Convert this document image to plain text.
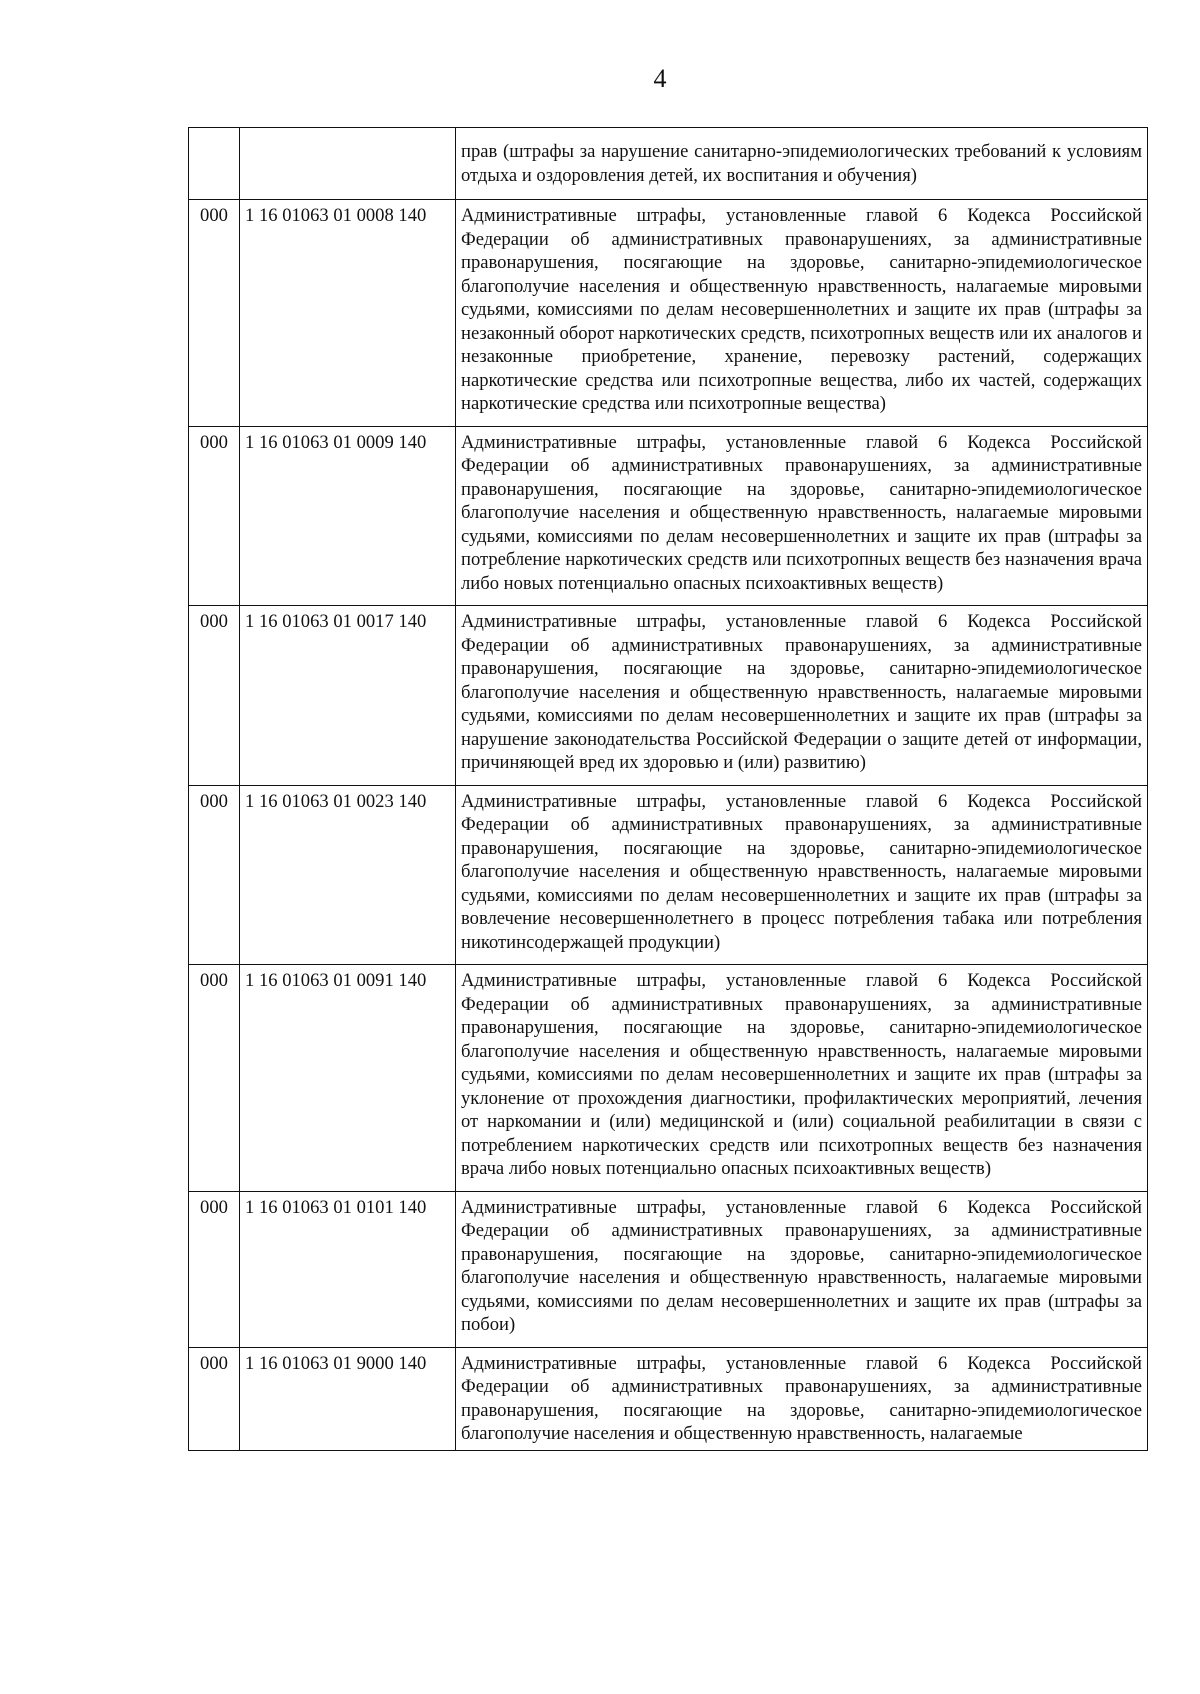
4
		прав (штрафы за нарушение санитарно-эпидемиологических требований к условиям отдыха и оздоровления детей, их воспитания и обучения)
000	1 16 01063 01 0008 140	Административные штрафы, установленные главой 6 Кодекса Российской Федерации об административных правонарушениях, за административные правонарушения, посягающие на здоровье, санитарно-эпидемиологическое благополучие населения и общественную нравственность, налагаемые мировыми судьями, комиссиями по делам несовершеннолетних и защите их прав (штрафы за незаконный оборот наркотических средств, психотропных веществ или их аналогов и незаконные приобретение, хранение, перевозку растений, содержащих наркотические средства или психотропные вещества, либо их частей, содержащих наркотические средства или психотропные вещества)
000	1 16 01063 01 0009 140	Административные штрафы, установленные главой 6 Кодекса Российской Федерации об административных правонарушениях, за административные правонарушения, посягающие на здоровье, санитарно-эпидемиологическое благополучие населения и общественную нравственность, налагаемые мировыми судьями, комиссиями по делам несовершеннолетних и защите их прав (штрафы за потребление наркотических средств или психотропных веществ без назначения врача либо новых потенциально опасных психоактивных веществ)
000	1 16 01063 01 0017 140	Административные штрафы, установленные главой 6 Кодекса Российской Федерации об административных правонарушениях, за административные правонарушения, посягающие на здоровье, санитарно-эпидемиологическое благополучие населения и общественную нравственность, налагаемые мировыми судьями, комиссиями по делам несовершеннолетних и защите их прав (штрафы за нарушение законодательства Российской Федерации о защите детей от информации, причиняющей вред их здоровью и (или) развитию)
000	1 16 01063 01 0023 140	Административные штрафы, установленные главой 6 Кодекса Российской Федерации об административных правонарушениях, за административные правонарушения, посягающие на здоровье, санитарно-эпидемиологическое благополучие населения и общественную нравственность, налагаемые мировыми судьями, комиссиями по делам несовершеннолетних и защите их прав (штрафы за вовлечение несовершеннолетнего в процесс потребления табака или потребления никотинсодержащей продукции)
000	1 16 01063 01 0091 140	Административные штрафы, установленные главой 6 Кодекса Российской Федерации об административных правонарушениях, за административные правонарушения, посягающие на здоровье, санитарно-эпидемиологическое благополучие населения и общественную нравственность, налагаемые мировыми судьями, комиссиями по делам несовершеннолетних и защите их прав (штрафы за уклонение от прохождения диагностики, профилактических мероприятий, лечения от наркомании и (или) медицинской и (или) социальной реабилитации в связи с потреблением наркотических средств или психотропных веществ без назначения врача либо новых потенциально опасных психоактивных веществ)
000	1 16 01063 01 0101 140	Административные штрафы, установленные главой 6 Кодекса Российской Федерации об административных правонарушениях, за административные правонарушения, посягающие на здоровье, санитарно-эпидемиологическое благополучие населения и общественную нравственность, налагаемые мировыми судьями, комиссиями по делам несовершеннолетних и защите их прав (штрафы за побои)
000	1 16 01063 01 9000 140	Административные штрафы, установленные главой 6 Кодекса Российской Федерации об административных правонарушениях, за административные правонарушения, посягающие на здоровье, санитарно-эпидемиологическое благополучие населения и общественную нравственность, налагаемые
